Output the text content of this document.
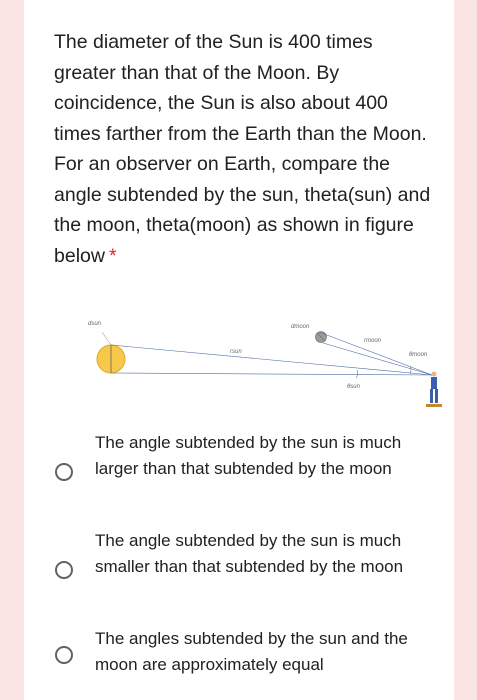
The diameter of the Sun is 400 times greater than that of the Moon. By coincidence, the Sun is also about 400 times farther from the Earth than the Moon. For an observer on Earth, compare the angle subtended by the sun, theta(sun) and the moon, theta(moon) as shown in figure below *

dsun	dmoon
rsun
rmoon
θmoon
θsun
The angle subtended by the sun is much larger than that subtended by the moon
The angle subtended by the sun is much smaller than that subtended by the moon
The angles subtended by the sun and the moon are approximately equal
